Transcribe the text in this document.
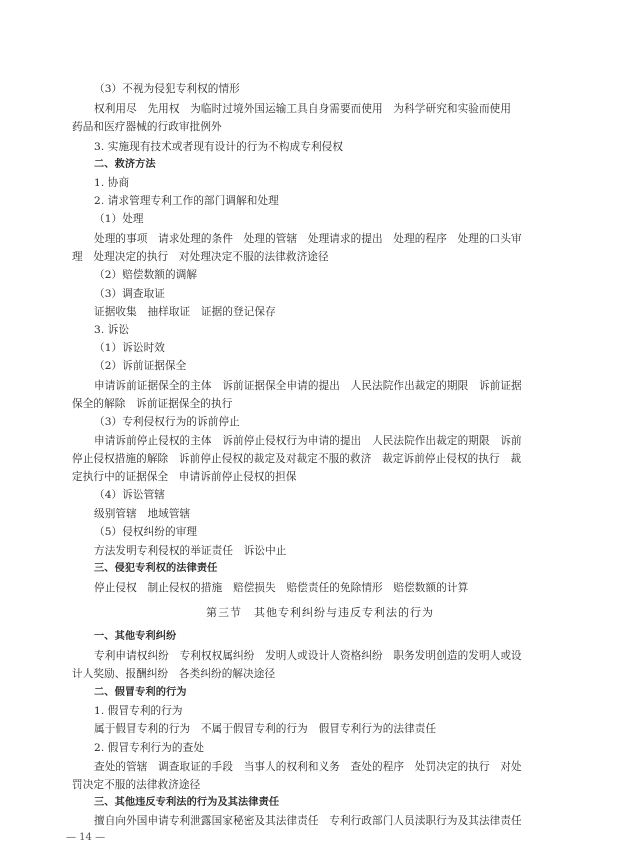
（3）不视为侵犯专利权的情形
权利用尽　先用权　为临时过境外国运输工具自身需要而使用　为科学研究和实验而使用
药品和医疗器械的行政审批例外
3. 实施现有技术或者现有设计的行为不构成专利侵权
二、救济方法
1. 协商
2. 请求管理专利工作的部门调解和处理
（1）处理
处理的事项　请求处理的条件　处理的管辖　处理请求的提出　处理的程序　处理的口头审
理　处理决定的执行　对处理决定不服的法律救济途径
（2）赔偿数额的调解
（3）调查取证
证据收集　抽样取证　证据的登记保存
3. 诉讼
（1）诉讼时效
（2）诉前证据保全
申请诉前证据保全的主体　诉前证据保全申请的提出　人民法院作出裁定的期限　诉前证据
保全的解除　诉前证据保全的执行
（3）专利侵权行为的诉前停止
申请诉前停止侵权的主体　诉前停止侵权行为申请的提出　人民法院作出裁定的期限　诉前
停止侵权措施的解除　诉前停止侵权的裁定及对裁定不服的救济　裁定诉前停止侵权的执行　裁
定执行中的证据保全　申请诉前停止侵权的担保
（4）诉讼管辖
级别管辖　地域管辖
（5）侵权纠纷的审理
方法发明专利侵权的举证责任　诉讼中止
三、侵犯专利权的法律责任
停止侵权　制止侵权的措施　赔偿损失　赔偿责任的免除情形　赔偿数额的计算
第三节　其他专利纠纷与违反专利法的行为
一、其他专利纠纷
专利申请权纠纷　专利权权属纠纷　发明人或设计人资格纠纷　职务发明创造的发明人或设
计人奖励、报酬纠纷　各类纠纷的解决途径
二、假冒专利的行为
1. 假冒专利的行为
属于假冒专利的行为　不属于假冒专利的行为　假冒专利行为的法律责任
2. 假冒专利行为的查处
查处的管辖　调查取证的手段　当事人的权利和义务　查处的程序　处罚决定的执行　对处
罚决定不服的法律救济途径
三、其他违反专利法的行为及其法律责任
擅自向外国申请专利泄露国家秘密及其法律责任　专利行政部门人员渎职行为及其法律责任
— 14 —
